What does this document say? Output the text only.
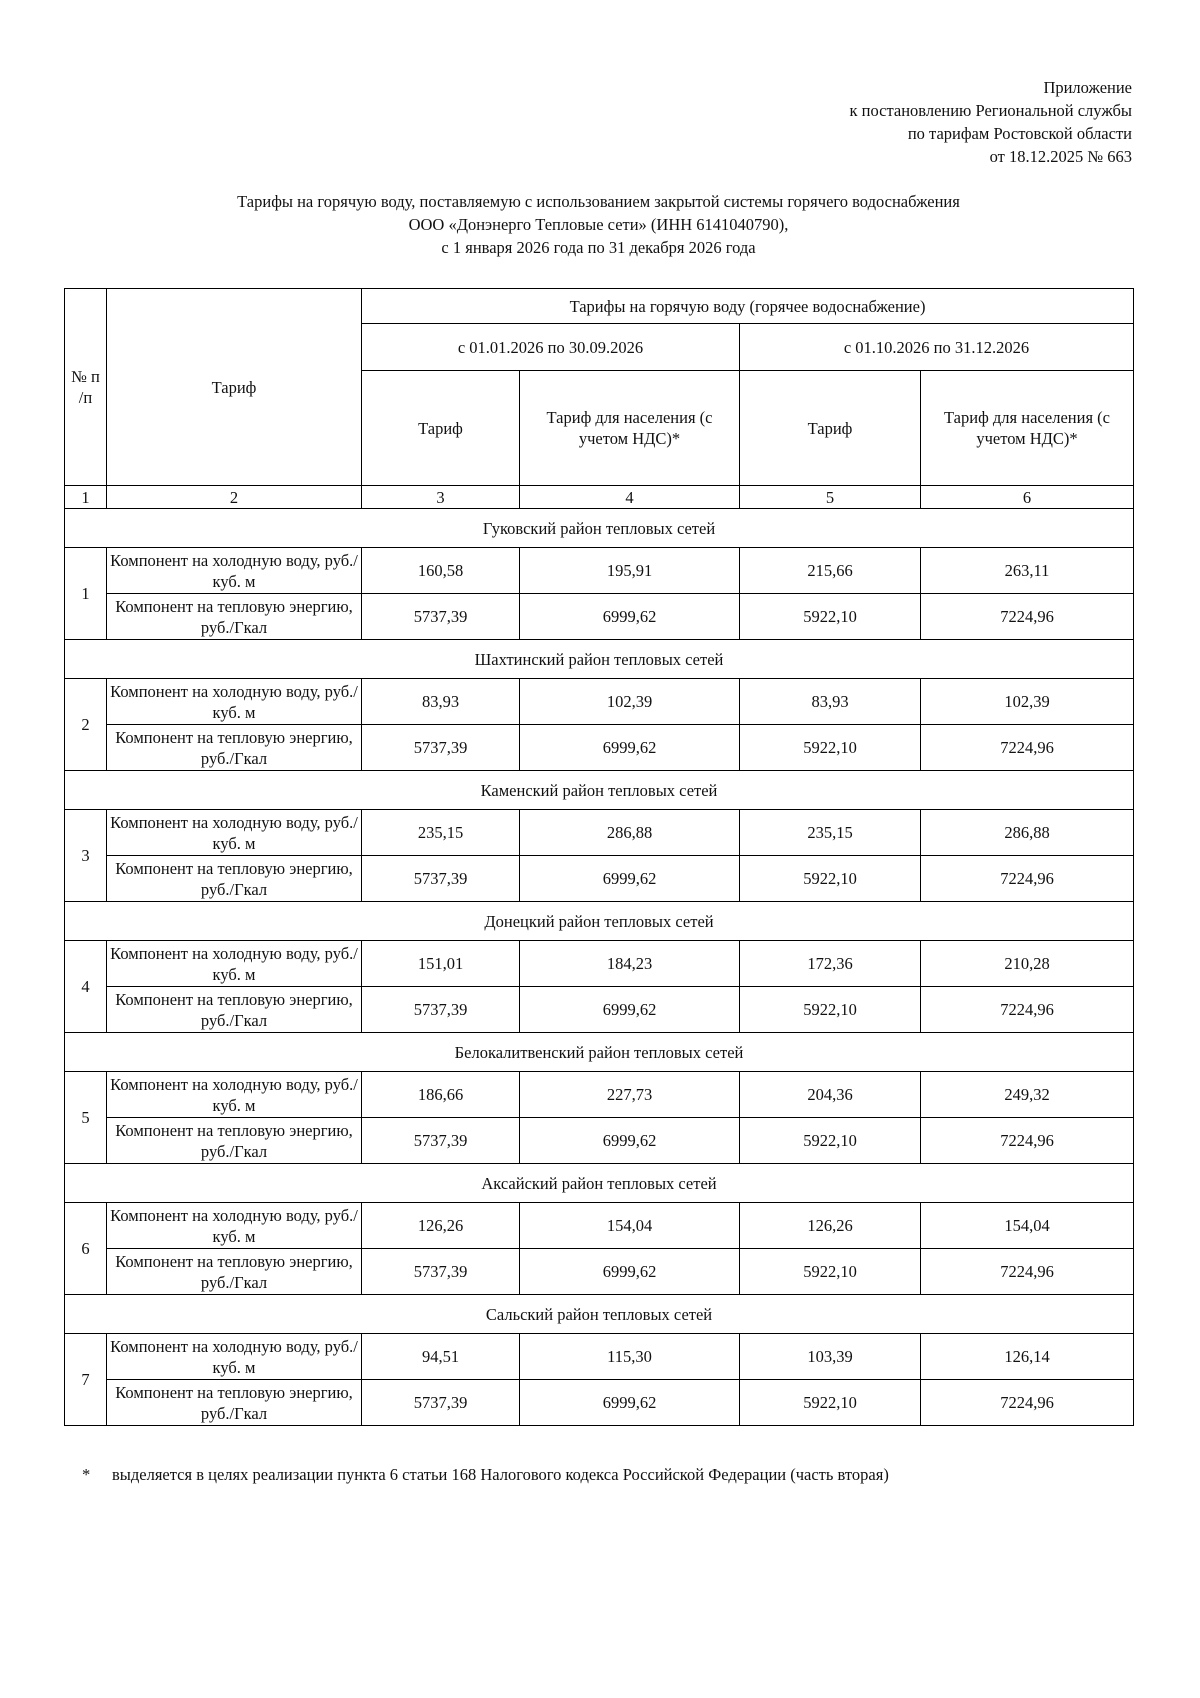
Приложение
к постановлению Региональной службы
по тарифам Ростовской области
от 18.12.2025 № 663
Тарифы на горячую воду, поставляемую с использованием закрытой системы горячего водоснабжения
ООО «Донэнерго Тепловые сети» (ИНН 6141040790),
с 1 января 2026 года по 31 декабря 2026 года
№ п /п	Тариф	Тарифы на горячую воду (горячее водоснабжение)			
		с 01.01.2026 по 30.09.2026		с 01.10.2026 по 31.12.2026	
		Тариф	Тариф для населения (с учетом НДС)*	Тариф	Тариф для населения (с учетом НДС)*
1	2	3	4	5	6
Гуковский район тепловых сетей					
1	Компонент на холодную воду, руб./куб. м	160,58	195,91	215,66	263,11
	Компонент на тепловую энергию, руб./Гкал	5737,39	6999,62	5922,10	7224,96
Шахтинский район тепловых сетей					
2	Компонент на холодную воду, руб./куб. м	83,93	102,39	83,93	102,39
	Компонент на тепловую энергию, руб./Гкал	5737,39	6999,62	5922,10	7224,96
Каменский район тепловых сетей					
3	Компонент на холодную воду, руб./куб. м	235,15	286,88	235,15	286,88
	Компонент на тепловую энергию, руб./Гкал	5737,39	6999,62	5922,10	7224,96
Донецкий район тепловых сетей					
4	Компонент на холодную воду, руб./куб. м	151,01	184,23	172,36	210,28
	Компонент на тепловую энергию, руб./Гкал	5737,39	6999,62	5922,10	7224,96
Белокалитвенский район тепловых сетей					
5	Компонент на холодную воду, руб./куб. м	186,66	227,73	204,36	249,32
	Компонент на тепловую энергию, руб./Гкал	5737,39	6999,62	5922,10	7224,96
Аксайский район тепловых сетей					
6	Компонент на холодную воду, руб./куб. м	126,26	154,04	126,26	154,04
	Компонент на тепловую энергию, руб./Гкал	5737,39	6999,62	5922,10	7224,96
Сальский район тепловых сетей					
7	Компонент на холодную воду, руб./куб. м	94,51	115,30	103,39	126,14
	Компонент на тепловую энергию, руб./Гкал	5737,39	6999,62	5922,10	7224,96
* выделяется в целях реализации пункта 6 статьи 168 Налогового кодекса Российской Федерации (часть вторая)
